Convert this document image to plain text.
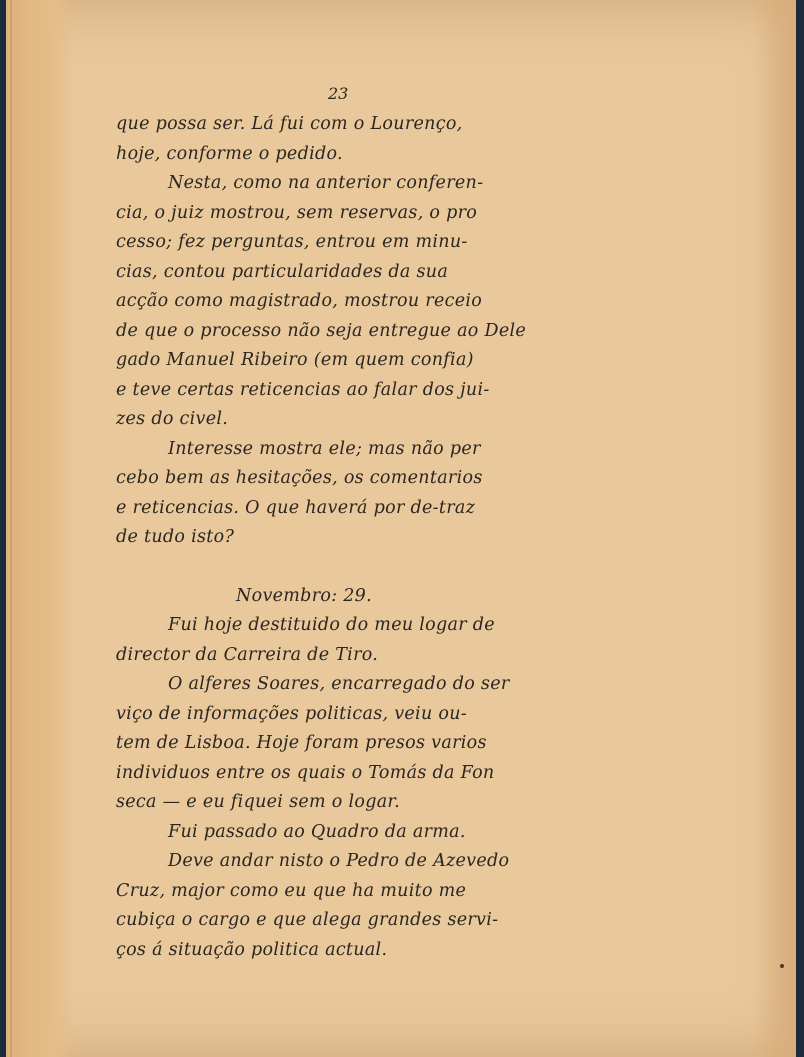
23
que possa ser. Lá fui com o Lourenço,
hoje, conforme o pedido.
Nesta, como na anterior conferen-
cia, o juiz mostrou, sem reservas, o pro
cesso; fez perguntas, entrou em minu-
cias, contou particularidades da sua
acção como magistrado, mostrou receio
de que o processo não seja entregue ao Dele
gado Manuel Ribeiro (em quem confia)
e teve certas reticencias ao falar dos jui-
zes do civel.
Interesse mostra ele; mas não per
cebo bem as hesitações, os comentarios
e reticencias. O que haverá por de-traz
de tudo isto?
Novembro: 29.
Fui hoje destituido do meu logar de
director da Carreira de Tiro.
O alferes Soares, encarregado do ser
viço de informações politicas, veiu ou-
tem de Lisboa. Hoje foram presos varios
individuos entre os quais o Tomás da Fon
seca — e eu fiquei sem o logar.
Fui passado ao Quadro da arma.
Deve andar nisto o Pedro de Azevedo
Cruz, major como eu que ha muito me
cubiça o cargo e que alega grandes servi-
ços á situação politica actual.
